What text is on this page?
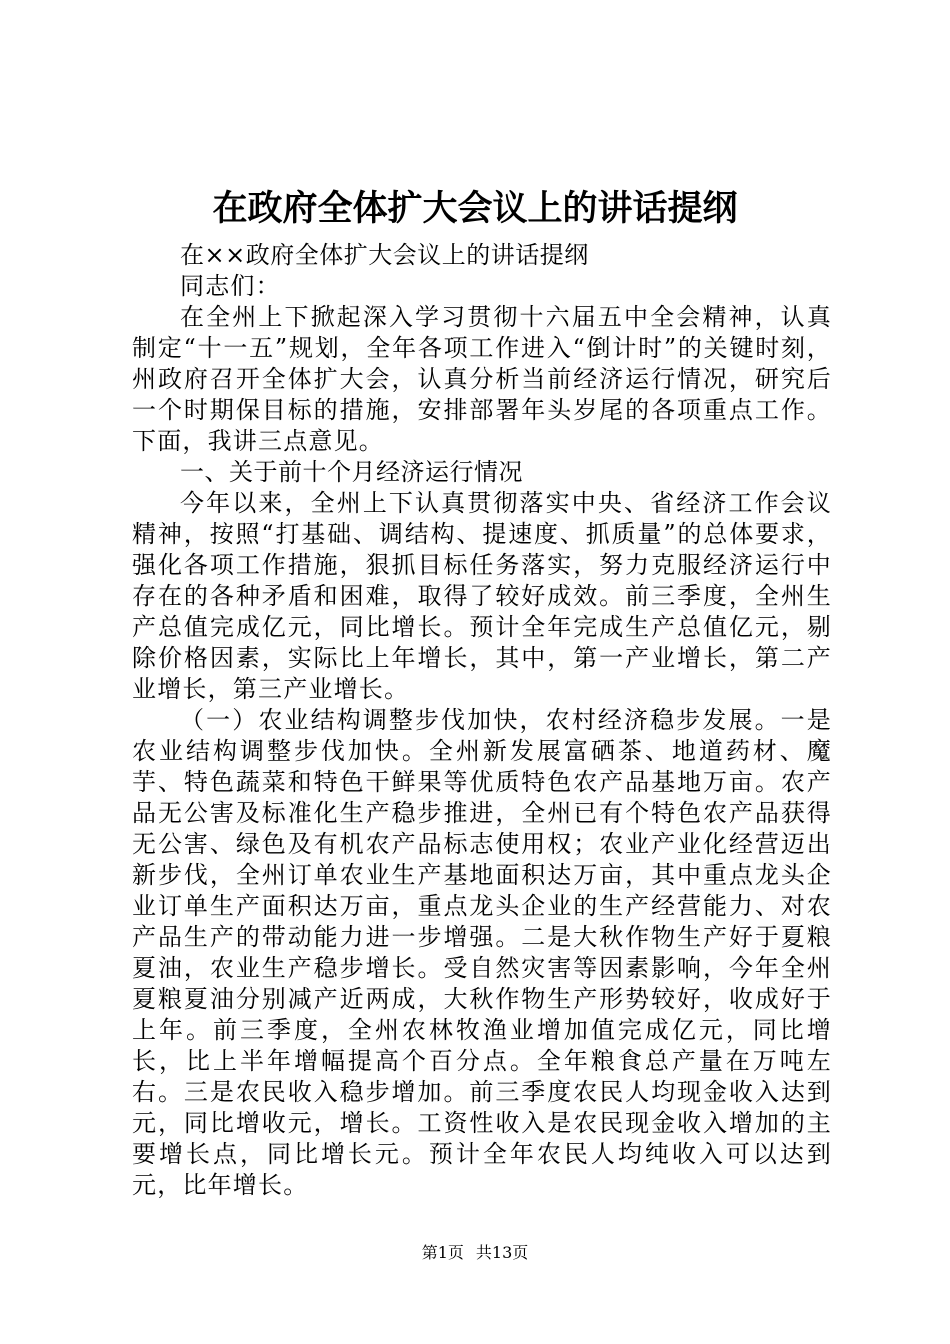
在政府全体扩大会议上的讲话提纲

在××政府全体扩大会议上的讲话提纲

同志们：

在全州上下掀起深入学习贯彻十六届五中全会精神，认真制定“十一五”规划，全年各项工作进入“倒计时”的关键时刻，州政府召开全体扩大会，认真分析当前经济运行情况，研究后一个时期保目标的措施，安排部署年头岁尾的各项重点工作。下面，我讲三点意见。

一、关于前十个月经济运行情况

今年以来，全州上下认真贯彻落实中央、省经济工作会议精神，按照“打基础、调结构、提速度、抓质量”的总体要求，强化各项工作措施，狠抓目标任务落实，努力克服经济运行中存在的各种矛盾和困难，取得了较好成效。前三季度，全州生产总值完成亿元，同比增长。预计全年完成生产总值亿元，剔除价格因素，实际比上年增长，其中，第一产业增长，第二产业增长，第三产业增长。

（一）农业结构调整步伐加快，农村经济稳步发展。一是农业结构调整步伐加快。全州新发展富硒茶、地道药材、魔芋、特色蔬菜和特色干鲜果等优质特色农产品基地万亩。农产品无公害及标准化生产稳步推进，全州已有个特色农产品获得无公害、绿色及有机农产品标志使用权；农业产业化经营迈出新步伐，全州订单农业生产基地面积达万亩，其中重点龙头企业订单生产面积达万亩，重点龙头企业的生产经营能力、对农产品生产的带动能力进一步增强。二是大秋作物生产好于夏粮夏油，农业生产稳步增长。受自然灾害等因素影响，今年全州夏粮夏油分别减产近两成，大秋作物生产形势较好，收成好于上年。前三季度，全州农林牧渔业增加值完成亿元，同比增长，比上半年增幅提高个百分点。全年粮食总产量在万吨左右。三是农民收入稳步增加。前三季度农民人均现金收入达到元，同比增收元，增长。工资性收入是农民现金收入增加的主要增长点，同比增长元。预计全年农民人均纯收入可以达到元，比年增长。

第1页 共13页
